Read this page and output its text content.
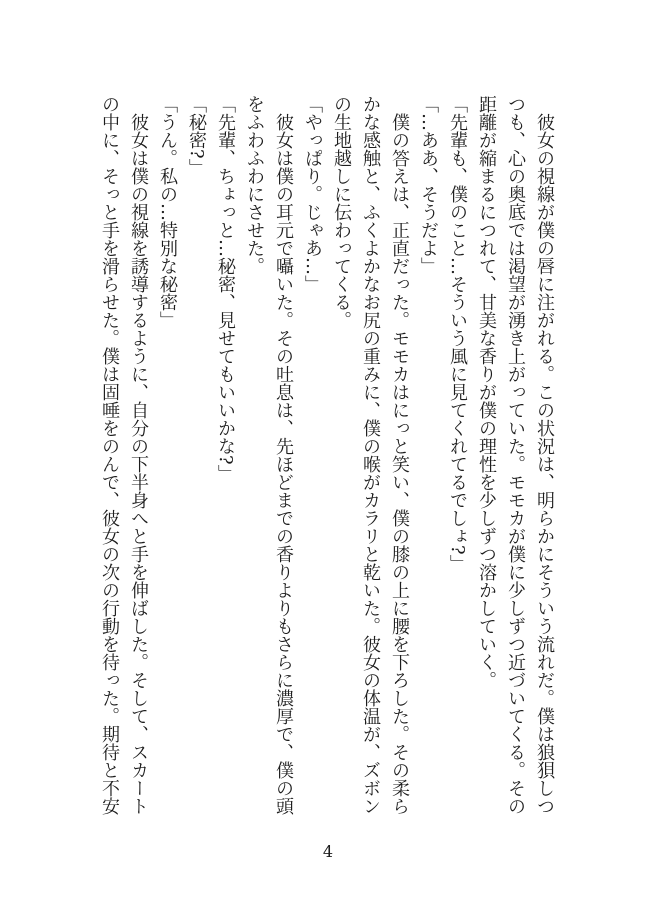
彼女の視線が僕の唇に注がれる。この状況は、明らかにそういう流れだ。僕は狼狽しつつも、心の奥底では渇望が湧き上がっていた。モモカが僕に少しずつ近づいてくる。その距離が縮まるにつれて、甘美な香りが僕の理性を少しずつ溶かしていく。

「先輩も、僕のこと…そういう風に見てくれてるでしょ?」

「…ああ、そうだよ」

僕の答えは、正直だった。モモカはにっと笑い、僕の膝の上に腰を下ろした。その柔らかな感触と、ふくよかなお尻の重みに、僕の喉がカラリと乾いた。彼女の体温が、ズボンの生地越しに伝わってくる。

「やっぱり。じゃあ…」

彼女は僕の耳元で囁いた。その吐息は、先ほどまでの香りよりもさらに濃厚で、僕の頭をふわふわにさせた。

「先輩、ちょっと…秘密、見せてもいいかな?」

「秘密?」

「うん。私の…特別な秘密」

彼女は僕の視線を誘導するように、自分の下半身へと手を伸ばした。そして、スカートの中に、そっと手を滑らせた。僕は固唾をのんで、彼女の次の行動を待った。期待と不安

4
